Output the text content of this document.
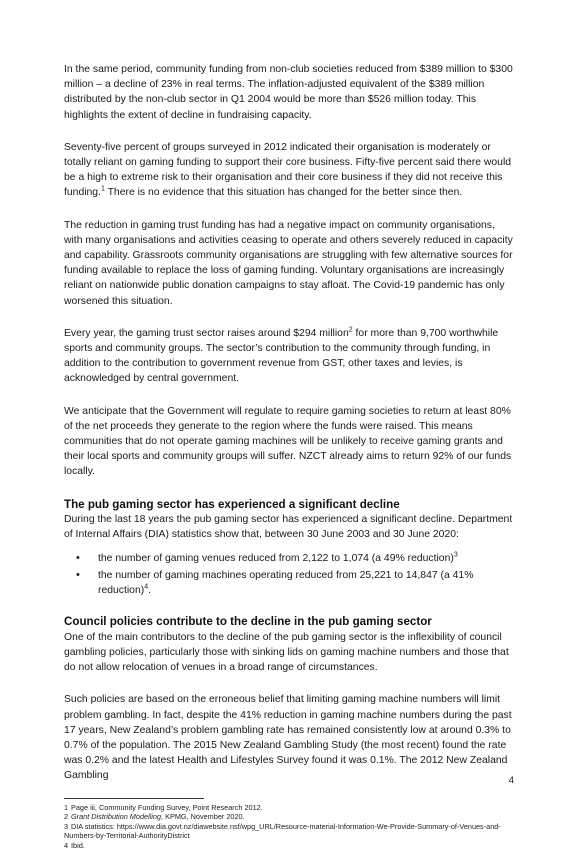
In the same period, community funding from non-club societies reduced from $389 million to $300 million – a decline of 23% in real terms. The inflation-adjusted equivalent of the $389 million distributed by the non-club sector in Q1 2004 would be more than $526 million today. This highlights the extent of decline in fundraising capacity.

Seventy-five percent of groups surveyed in 2012 indicated their organisation is moderately or totally reliant on gaming funding to support their core business. Fifty-five percent said there would be a high to extreme risk to their organisation and their core business if they did not receive this funding.$^1$ There is no evidence that this situation has changed for the better since then.

The reduction in gaming trust funding has had a negative impact on community organisations, with many organisations and activities ceasing to operate and others severely reduced in capacity and capability. Grassroots community organisations are struggling with few alternative sources for funding available to replace the loss of gaming funding. Voluntary organisations are increasingly reliant on nationwide public donation campaigns to stay afloat. The Covid-19 pandemic has only worsened this situation.

Every year, the gaming trust sector raises around $294 million$^2$ for more than 9,700 worthwhile sports and community groups. The sector’s contribution to the community through funding, in addition to the contribution to government revenue from GST, other taxes and levies, is acknowledged by central government.

We anticipate that the Government will regulate to require gaming societies to return at least 80% of the net proceeds they generate to the region where the funds were raised. This means communities that do not operate gaming machines will be unlikely to receive gaming grants and their local sports and community groups will suffer. NZCT already aims to return 92% of our funds locally.

The pub gaming sector has experienced a significant decline

During the last 18 years the pub gaming sector has experienced a significant decline. Department of Internal Affairs (DIA) statistics show that, between 30 June 2003 and 30 June 2020:

• the number of gaming venues reduced from 2,122 to 1,074 (a 49% reduction)$^3$
• the number of gaming machines operating reduced from 25,221 to 14,847 (a 41% reduction)$^4$.
Council policies contribute to the decline in the pub gaming sector

One of the main contributors to the decline of the pub gaming sector is the inflexibility of council gambling policies, particularly those with sinking lids on gaming machine numbers and those that do not allow relocation of venues in a broad range of circumstances.

Such policies are based on the erroneous belief that limiting gaming machine numbers will limit problem gambling. In fact, despite the 41% reduction in gaming machine numbers during the past 17 years, New Zealand’s problem gambling rate has remained consistently low at around 0.3% to 0.7% of the population. The 2015 New Zealand Gambling Study (the most recent) found the rate was 0.2% and the latest Health and Lifestyles Survey found it was 0.1%. The 2012 New Zealand Gambling

1 Page iii, Community Funding Survey, Point Research 2012.

2 Grant Distribution Modelling, KPMG, November 2020.

3 DIA statistics: https://www.dia.govt.nz/diawebsite.nsf/wpg_URL/Resource-material-Information-We-Provide-Summary-of-Venues-and-Numbers-by-Territorial-AuthorityDistrict

4 Ibid.

4
